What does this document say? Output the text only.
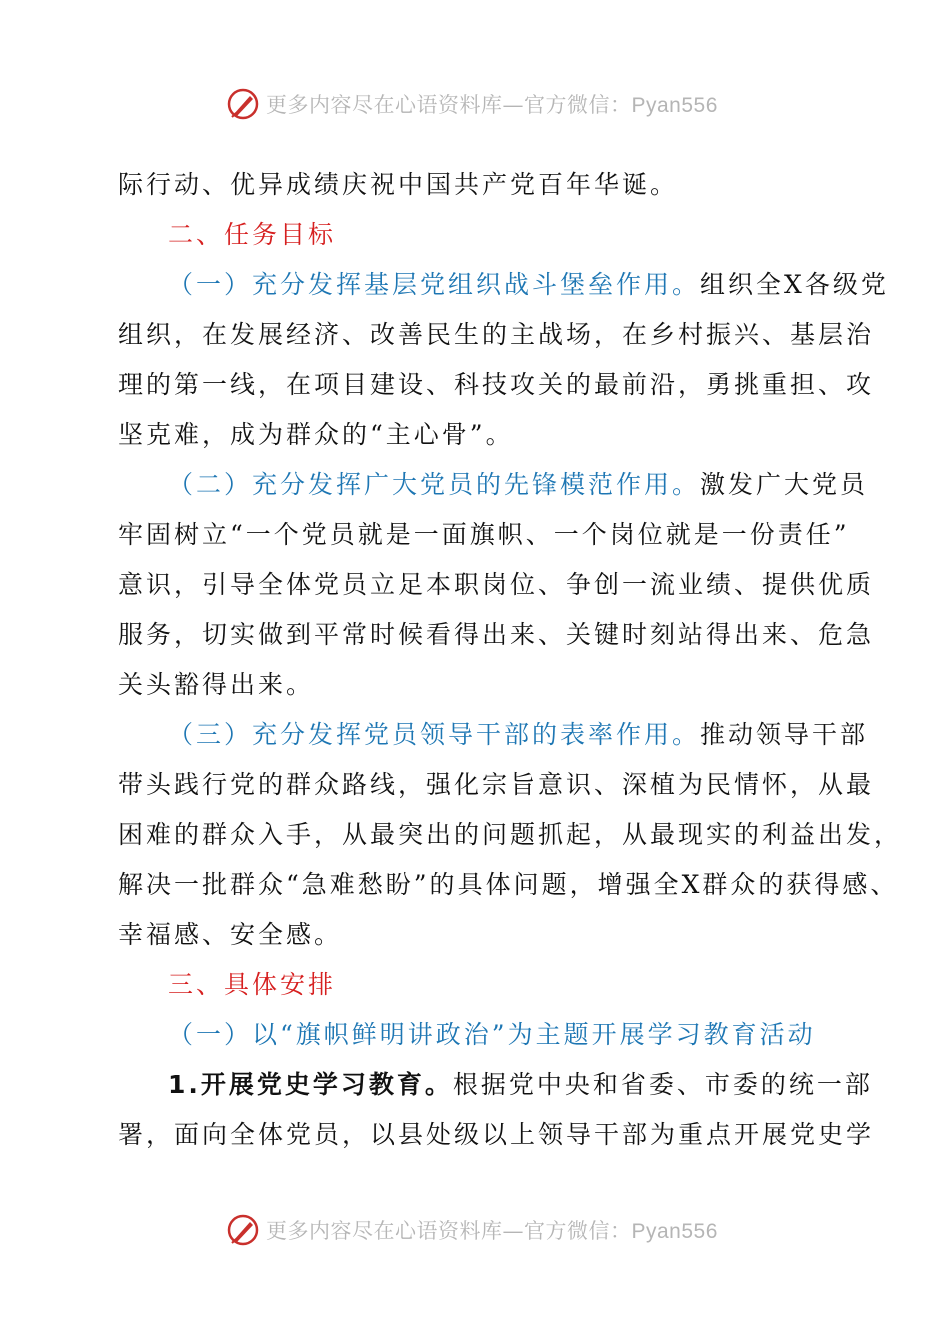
更多内容尽在心语资料库—官方微信：Pyan556
际行动、优异成绩庆祝中国共产党百年华诞。
二、任务目标
（一）充分发挥基层党组织战斗堡垒作用。组织全X各级党
组织，在发展经济、改善民生的主战场，在乡村振兴、基层治
理的第一线，在项目建设、科技攻关的最前沿，勇挑重担、攻
坚克难，成为群众的“主心骨”。
（二）充分发挥广大党员的先锋模范作用。激发广大党员
牢固树立“一个党员就是一面旗帜、一个岗位就是一份责任”
意识，引导全体党员立足本职岗位、争创一流业绩、提供优质
服务，切实做到平常时候看得出来、关键时刻站得出来、危急
关头豁得出来。
（三）充分发挥党员领导干部的表率作用。推动领导干部
带头践行党的群众路线，强化宗旨意识、深植为民情怀，从最
困难的群众入手，从最突出的问题抓起，从最现实的利益出发，
解决一批群众“急难愁盼”的具体问题，增强全X群众的获得感、
幸福感、安全感。
三、具体安排
（一）以“旗帜鲜明讲政治”为主题开展学习教育活动
1.开展党史学习教育。根据党中央和省委、市委的统一部
署，面向全体党员，以县处级以上领导干部为重点开展党史学
更多内容尽在心语资料库—官方微信：Pyan556
